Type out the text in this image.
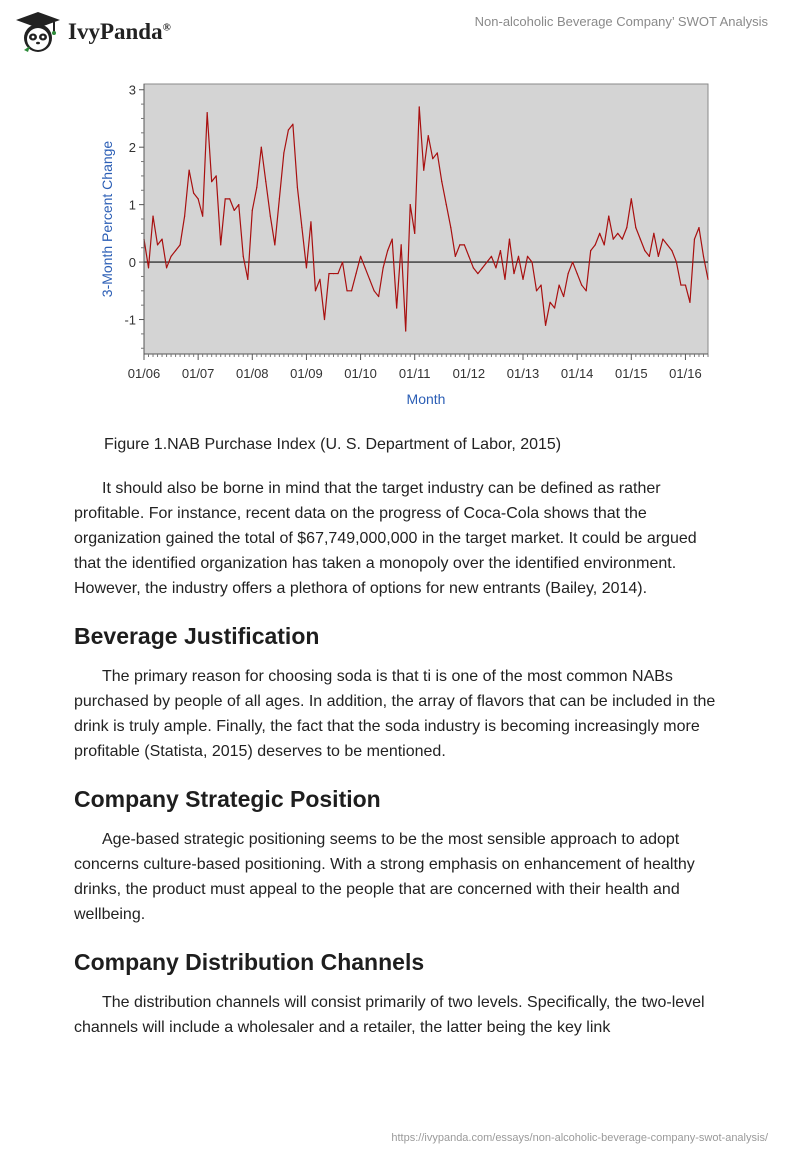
IvyPanda®	Non-alcoholic Beverage Company’ SWOT Analysis
3
2
1
0
-1
01/06 01/07 01/08 01/09 01/10 01/11 01/12 01/13 01/14 01/15 01/16
3-Month Percent Change
Month
Figure 1.NAB Purchase Index (U. S. Department of Labor, 2015)

It should also be borne in mind that the target industry can be defined as rather profitable. For instance, recent data on the progress of Coca-Cola shows that the organization gained the total of $67,749,000,000 in the target market. It could be argued that the identified organization has taken a monopoly over the identified environment. However, the industry offers a plethora of options for new entrants (Bailey, 2014).

Beverage Justification

The primary reason for choosing soda is that ti is one of the most common NABs purchased by people of all ages. In addition, the array of flavors that can be included in the drink is truly ample. Finally, the fact that the soda industry is becoming increasingly more profitable (Statista, 2015) deserves to be mentioned.

Company Strategic Position

Age-based strategic positioning seems to be the most sensible approach to adopt concerns culture-based positioning. With a strong emphasis on enhancement of healthy drinks, the product must appeal to the people that are concerned with their health and wellbeing.

Company Distribution Channels

The distribution channels will consist primarily of two levels. Specifically, the two-level channels will include a wholesaler and a retailer, the latter being the key link

https://ivypanda.com/essays/non-alcoholic-beverage-company-swot-analysis/
